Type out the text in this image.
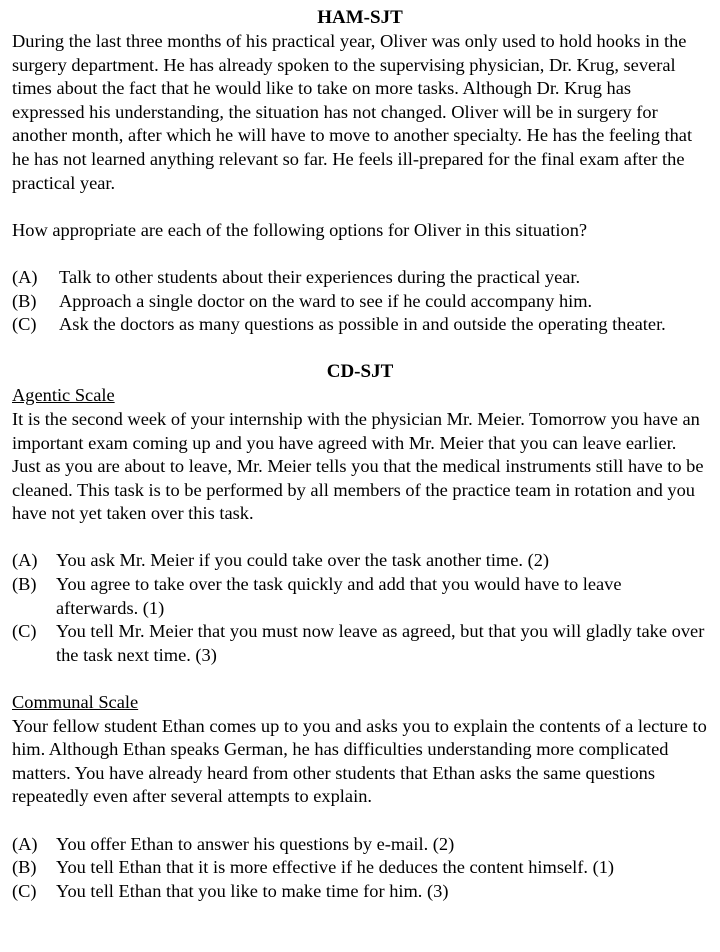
HAM-SJT

During the last three months of his practical year, Oliver was only used to hold hooks in the surgery department. He has already spoken to the supervising physician, Dr. Krug, several times about the fact that he would like to take on more tasks. Although Dr. Krug has expressed his understanding, the situation has not changed. Oliver will be in surgery for another month, after which he will have to move to another specialty. He has the feeling that he has not learned anything relevant so far. He feels ill-prepared for the final exam after the practical year.

How appropriate are each of the following options for Oliver in this situation?

(A)	Talk to other students about their experiences during the practical year.
(B)	Approach a single doctor on the ward to see if he could accompany him.
(C)	Ask the doctors as many questions as possible in and outside the operating theater.
CD-SJT

Agentic Scale

It is the second week of your internship with the physician Mr. Meier. Tomorrow you have an important exam coming up and you have agreed with Mr. Meier that you can leave earlier. Just as you are about to leave, Mr. Meier tells you that the medical instruments still have to be cleaned. This task is to be performed by all members of the practice team in rotation and you have not yet taken over this task.

(A)	You ask Mr. Meier if you could take over the task another time. (2)
(B)	You agree to take over the task quickly and add that you would have to leave afterwards. (1)
(C)	You tell Mr. Meier that you must now leave as agreed, but that you will gladly take over the task next time. (3)

Communal Scale

Your fellow student Ethan comes up to you and asks you to explain the contents of a lecture to him. Although Ethan speaks German, he has difficulties understanding more complicated matters. You have already heard from other students that Ethan asks the same questions repeatedly even after several attempts to explain.

(A)	You offer Ethan to answer his questions by e-mail. (2)
(B)	You tell Ethan that it is more effective if he deduces the content himself. (1)
(C)	You tell Ethan that you like to make time for him. (3)
